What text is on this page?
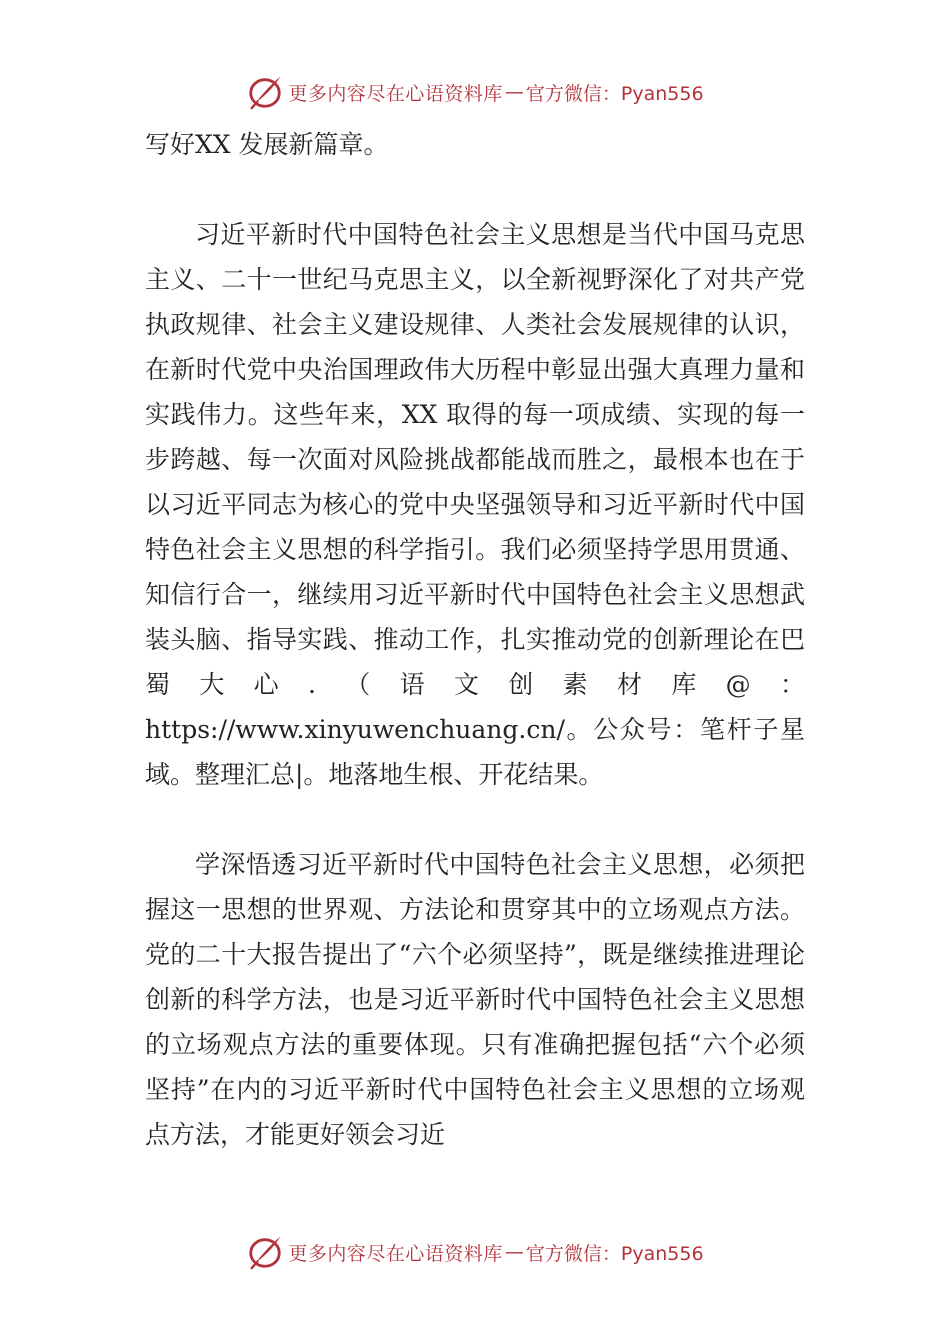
更多内容尽在心语资料库 — 官方微信：Pyan556

写好XX 发展新篇章。

习近平新时代中国特色社会主义思想是当代中国马克思主义、二十一世纪马克思主义，以全新视野深化了对共产党执政规律、社会主义建设规律、人类社会发展规律的认识，在新时代党中央治国理政伟大历程中彰显出强大真理力量和实践伟力。这些年来，XX 取得的每一项成绩、实现的每一步跨越、每一次面对风险挑战都能战而胜之，最根本也在于以习近平同志为核心的党中央坚强领导和习近平新时代中国特色社会主义思想的科学指引。我们必须坚持学思用贯通、知信行合一，继续用习近平新时代中国特色社会主义思想武装头脑、指导实践、推动工作，扎实推动党的创新理论在巴蜀大心.（语文创素材库@：https://www.xinyuwenchuang.cn/。公众号：笔杆子星域。整理汇总|。地落地生根、开花结果。

学深悟透习近平新时代中国特色社会主义思想，必须把握这一思想的世界观、方法论和贯穿其中的立场观点方法。党的二十大报告提出了“六个必须坚持”，既是继续推进理论创新的科学方法，也是习近平新时代中国特色社会主义思想的立场观点方法的重要体现。只有准确把握包括“六个必须坚持”在内的习近平新时代中国特色社会主义思想的立场观点方法，才能更好领会习近

更多内容尽在心语资料库 — 官方微信：Pyan556
